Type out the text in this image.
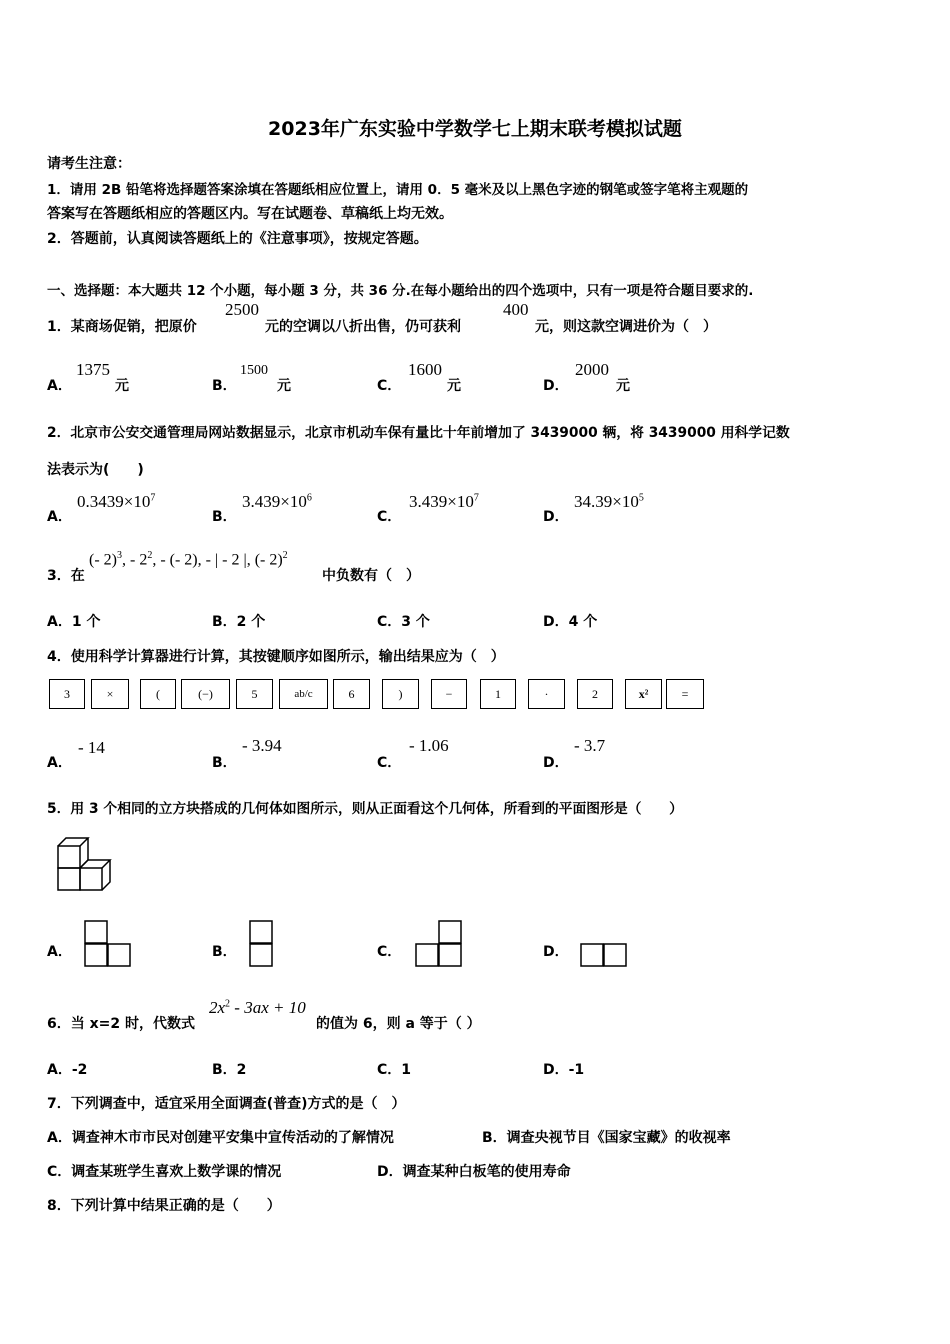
2023年广东实验中学数学七上期末联考模拟试题
请考生注意：
1．请用 2B 铅笔将选择题答案涂填在答题纸相应位置上，请用 0．5 毫米及以上黑色字迹的钢笔或签字笔将主观题的
答案写在答题纸相应的答题区内。写在试题卷、草稿纸上均无效。
2．答题前，认真阅读答题纸上的《注意事项》，按规定答题。
一、选择题：本大题共 12 个小题，每小题 3 分，共 36 分.在每小题给出的四个选项中，只有一项是符合题目要求的.
1．某商场促销，把原价
2500
元的空调以八折出售，仍可获利
400
元，则这款空调进价为（　）
A．
1375
元	B．
1500
元	C．
1600
元	D．
2000
元
2．北京市公安交通管理局网站数据显示，北京市机动车保有量比十年前增加了 3439000 辆，将 3439000 用科学记数
法表示为(　　)
A．
$0.3439\times 10^7$
B．
$3.439\times 10^6$
C．
$3.439\times 10^7$
D．
$34.39\times 10^5$
3．在
(- 2)$^3$, - $2^2$, - (- 2), - | - 2 |, (- 2)$^2$
中负数有（　）
A．1 个	B．2 个	C．3 个	D．4 个
4．使用科学计算器进行计算，其按键顺序如图所示，输出结果应为（　）
3	×	(	(−)	5	ab/c	6	)	−	1	·	2	x²	=
A．
- 14
B．
- 3.94
C．
- 1.06
D．
- 3.7
5．用 3 个相同的立方块搭成的几何体如图所示，则从正面看这个几何体，所看到的平面图形是（　　）
A．	B．	C．	D．
6．当 x=2 时，代数式
$2x^2 - 3ax + 10$
的值为 6，则 a 等于（ ）
A．-2	B．2	C．1	D．-1
7．下列调查中，适宜采用全面调查(普查)方式的是（　）
A．调查神木市市民对创建平安集中宣传活动的了解情况	B．调查央视节目《国家宝藏》的收视率
C．调查某班学生喜欢上数学课的情况	D．调查某种白板笔的使用寿命
8．下列计算中结果正确的是（　　）
